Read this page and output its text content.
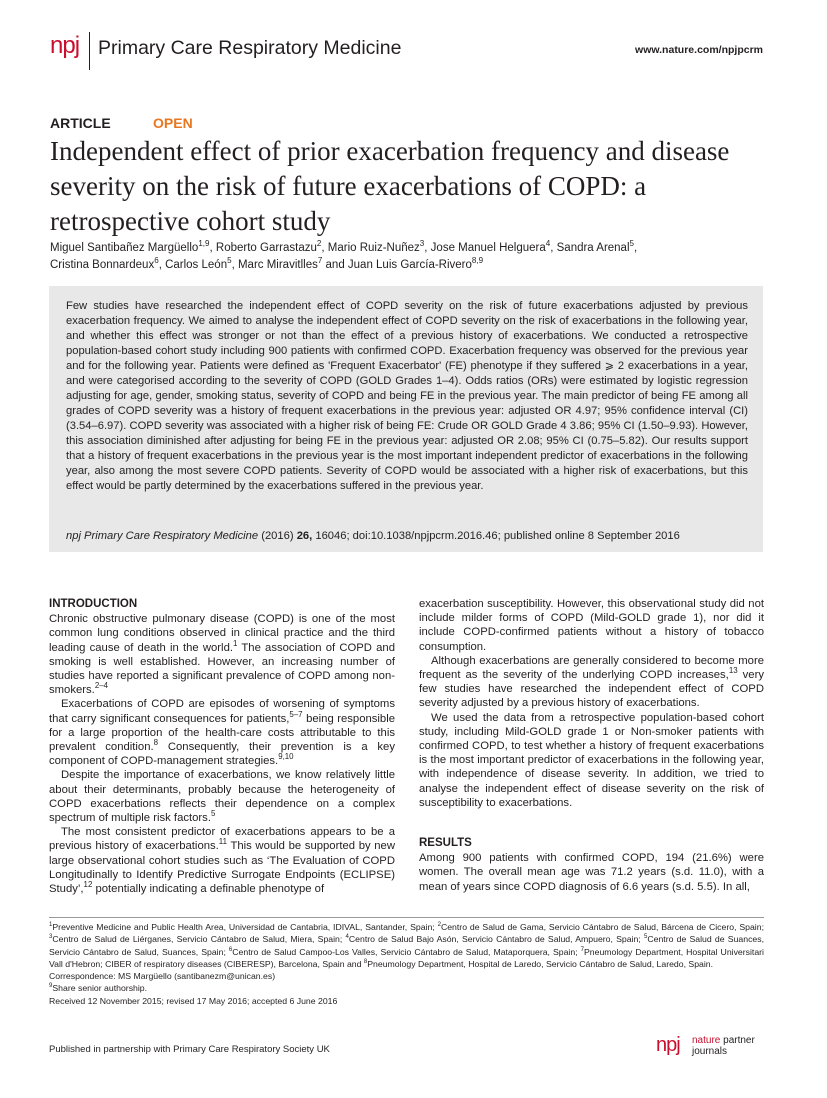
npj Primary Care Respiratory Medicine	www.nature.com/npjpcrm
ARTICLE	OPEN
Independent effect of prior exacerbation frequency and disease severity on the risk of future exacerbations of COPD: a retrospective cohort study
Miguel Santibañez Margüello$^{1,9}$, Roberto Garrastazu$^2$, Mario Ruiz-Nuñez$^3$, Jose Manuel Helguera$^4$, Sandra Arenal$^5$,
Cristina Bonnardeux$^6$, Carlos León$^5$, Marc Miravitlles$^7$ and Juan Luis García-Rivero$^{8,9}$
Few studies have researched the independent effect of COPD severity on the risk of future exacerbations adjusted by previous exacerbation frequency. We aimed to analyse the independent effect of COPD severity on the risk of exacerbations in the following year, and whether this effect was stronger or not than the effect of a previous history of exacerbations. We conducted a retrospective population-based cohort study including 900 patients with confirmed COPD. Exacerbation frequency was observed for the previous year and for the following year. Patients were defined as 'Frequent Exacerbator' (FE) phenotype if they suffered ⩾ 2 exacerbations in a year, and were categorised according to the severity of COPD (GOLD Grades 1–4). Odds ratios (ORs) were estimated by logistic regression adjusting for age, gender, smoking status, severity of COPD and being FE in the previous year. The main predictor of being FE among all grades of COPD severity was a history of frequent exacerbations in the previous year: adjusted OR 4.97; 95% confidence interval (CI) (3.54–6.97). COPD severity was associated with a higher risk of being FE: Crude OR GOLD Grade 4 3.86; 95% CI (1.50–9.93). However, this association diminished after adjusting for being FE in the previous year: adjusted OR 2.08; 95% CI (0.75–5.82). Our results support that a history of frequent exacerbations in the previous year is the most important independent predictor of exacerbations in the following year, also among the most severe COPD patients. Severity of COPD would be associated with a higher risk of exacerbations, but this effect would be partly determined by the exacerbations suffered in the previous year.
npj Primary Care Respiratory Medicine (2016) 26, 16046; doi:10.1038/npjpcrm.2016.46; published online 8 September 2016
INTRODUCTION

Chronic obstructive pulmonary disease (COPD) is one of the most common lung conditions observed in clinical practice and the third leading cause of death in the world.$^1$ The association of COPD and smoking is well established. However, an increasing number of studies have reported a significant prevalence of COPD among non-smokers.$^{2-4}$

Exacerbations of COPD are episodes of worsening of symptoms that carry significant consequences for patients,$^{5-7}$ being responsible for a large proportion of the health-care costs attributable to this prevalent condition.$^8$ Consequently, their prevention is a key component of COPD-management strategies.$^{9,10}$

Despite the importance of exacerbations, we know relatively little about their determinants, probably because the heterogeneity of COPD exacerbations reflects their dependence on a complex spectrum of multiple risk factors.$^5$

The most consistent predictor of exacerbations appears to be a previous history of exacerbations.$^{11}$ This would be supported by new large observational cohort studies such as ‘The Evaluation of COPD Longitudinally to Identify Predictive Surrogate Endpoints (ECLIPSE) Study’,$^{12}$ potentially indicating a definable phenotype of

exacerbation susceptibility. However, this observational study did not include milder forms of COPD (Mild-GOLD grade 1), nor did it include COPD-confirmed patients without a history of tobacco consumption.

Although exacerbations are generally considered to become more frequent as the severity of the underlying COPD increases,$^{13}$ very few studies have researched the independent effect of COPD severity adjusted by a previous history of exacerbations.

We used the data from a retrospective population-based cohort study, including Mild-GOLD grade 1 or Non-smoker patients with confirmed COPD, to test whether a history of frequent exacerbations is the most important predictor of exacerbations in the following year, with independence of disease severity. In addition, we tried to analyse the independent effect of disease severity on the risk of susceptibility to exacerbations.

RESULTS

Among 900 patients with confirmed COPD, 194 (21.6%) were women. The overall mean age was 71.2 years (s.d. 11.0), with a mean of years since COPD diagnosis of 6.6 years (s.d. 5.5). In all,

$^1$Preventive Medicine and Public Health Area, Universidad de Cantabria, IDIVAL, Santander, Spain; $^2$Centro de Salud de Gama, Servicio Cántabro de Salud, Bárcena de Cicero, Spain; $^3$Centro de Salud de Liérganes, Servicio Cántabro de Salud, Miera, Spain; $^4$Centro de Salud Bajo Asón, Servicio Cántabro de Salud, Ampuero, Spain; $^5$Centro de Salud de Suances, Servicio Cántabro de Salud, Suances, Spain; $^6$Centro de Salud Campoo-Los Valles, Servicio Cántabro de Salud, Mataporquera, Spain; $^7$Pneumology Department, Hospital Universitari Vall d'Hebron; CIBER of respiratory diseases (CIBERESP), Barcelona, Spain and $^8$Pneumology Department, Hospital de Laredo, Servicio Cántabro de Salud, Laredo, Spain.
Correspondence: MS Margüello (santibanezm@unican.es)
$^9$Share senior authorship.
Received 12 November 2015; revised 17 May 2016; accepted 6 June 2016
Published in partnership with Primary Care Respiratory Society UK	npj nature partner
journals
